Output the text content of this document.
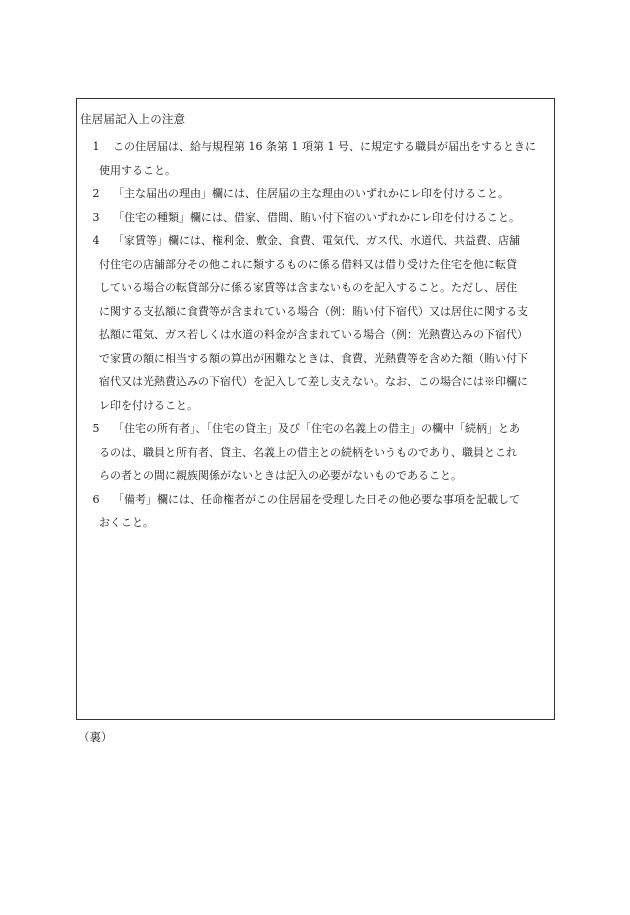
住居届記入上の注意
1	この住居届は、給与規程第 16 条第 1 項第 1 号、に規定する職員が届出をするときに
使用すること。
2	「主な届出の理由」欄には、住居届の主な理由のいずれかにレ印を付けること。
3	「住宅の種類」欄には、借家、借間、賄い付下宿のいずれかにレ印を付けること。
4	「家賃等」欄には、権利金、敷金、食費、電気代、ガス代、水道代、共益費、店舗
付住宅の店舗部分その他これに類するものに係る借料又は借り受けた住宅を他に転貸
している場合の転貸部分に係る家賃等は含まないものを記入すること。ただし、居住
に関する支払額に食費等が含まれている場合（例：賄い付下宿代）又は居住に関する支
払額に電気、ガス若しくは水道の料金が含まれている場合（例：光熱費込みの下宿代）
で家賃の額に相当する額の算出が困難なときは、食費、光熱費等を含めた額（賄い付下
宿代又は光熱費込みの下宿代）を記入して差し支えない。なお、この場合には※印欄に
レ印を付けること。
5	「住宅の所有者」、「住宅の貸主」及び「住宅の名義上の借主」の欄中「続柄」とあ
るのは、職員と所有者、貸主、名義上の借主との続柄をいうものであり、職員とこれ
らの者との間に親族関係がないときは記入の必要がないものであること。
6	「備考」欄には、任命権者がこの住居届を受理した日その他必要な事項を記載して
おくこと。
（裏）
